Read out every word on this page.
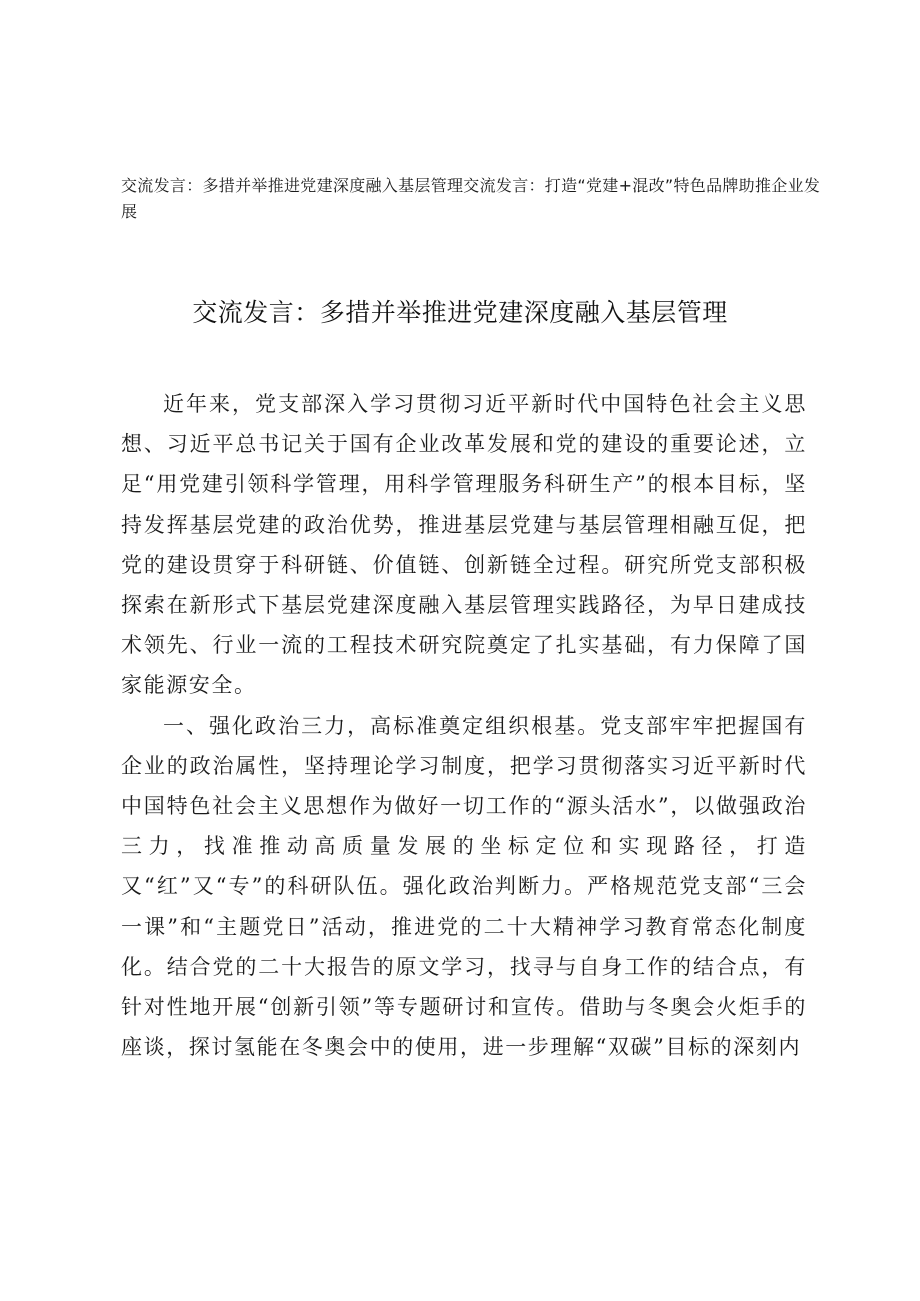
交流发言：多措并举推进党建深度融入基层管理交流发言：打造“党建+混改”特色品牌助推企业发展
交流发言：多措并举推进党建深度融入基层管理

近年来，党支部深入学习贯彻习近平新时代中国特色社会主义思想、习近平总书记关于国有企业改革发展和党的建设的重要论述，立足“用党建引领科学管理，用科学管理服务科研生产”的根本目标，坚持发挥基层党建的政治优势，推进基层党建与基层管理相融互促，把党的建设贯穿于科研链、价值链、创新链全过程。研究所党支部积极探索在新形式下基层党建深度融入基层管理实践路径，为早日建成技术领先、行业一流的工程技术研究院奠定了扎实基础，有力保障了国家能源安全。

一、强化政治三力，高标准奠定组织根基。党支部牢牢把握国有企业的政治属性，坚持理论学习制度，把学习贯彻落实习近平新时代中国特色社会主义思想作为做好一切工作的“源头活水”，以做强政治三力，找准推动高质量发展的坐标定位和实现路径，打造又“红”又“专”的科研队伍。强化政治判断力。严格规范党支部“三会一课”和“主题党日”活动，推进党的二十大精神学习教育常态化制度化。结合党的二十大报告的原文学习，找寻与自身工作的结合点，有针对性地开展“创新引领”等专题研讨和宣传。借助与冬奥会火炬手的座谈，探讨氢能在冬奥会中的使用，进一步理解“双碳”目标的深刻内
